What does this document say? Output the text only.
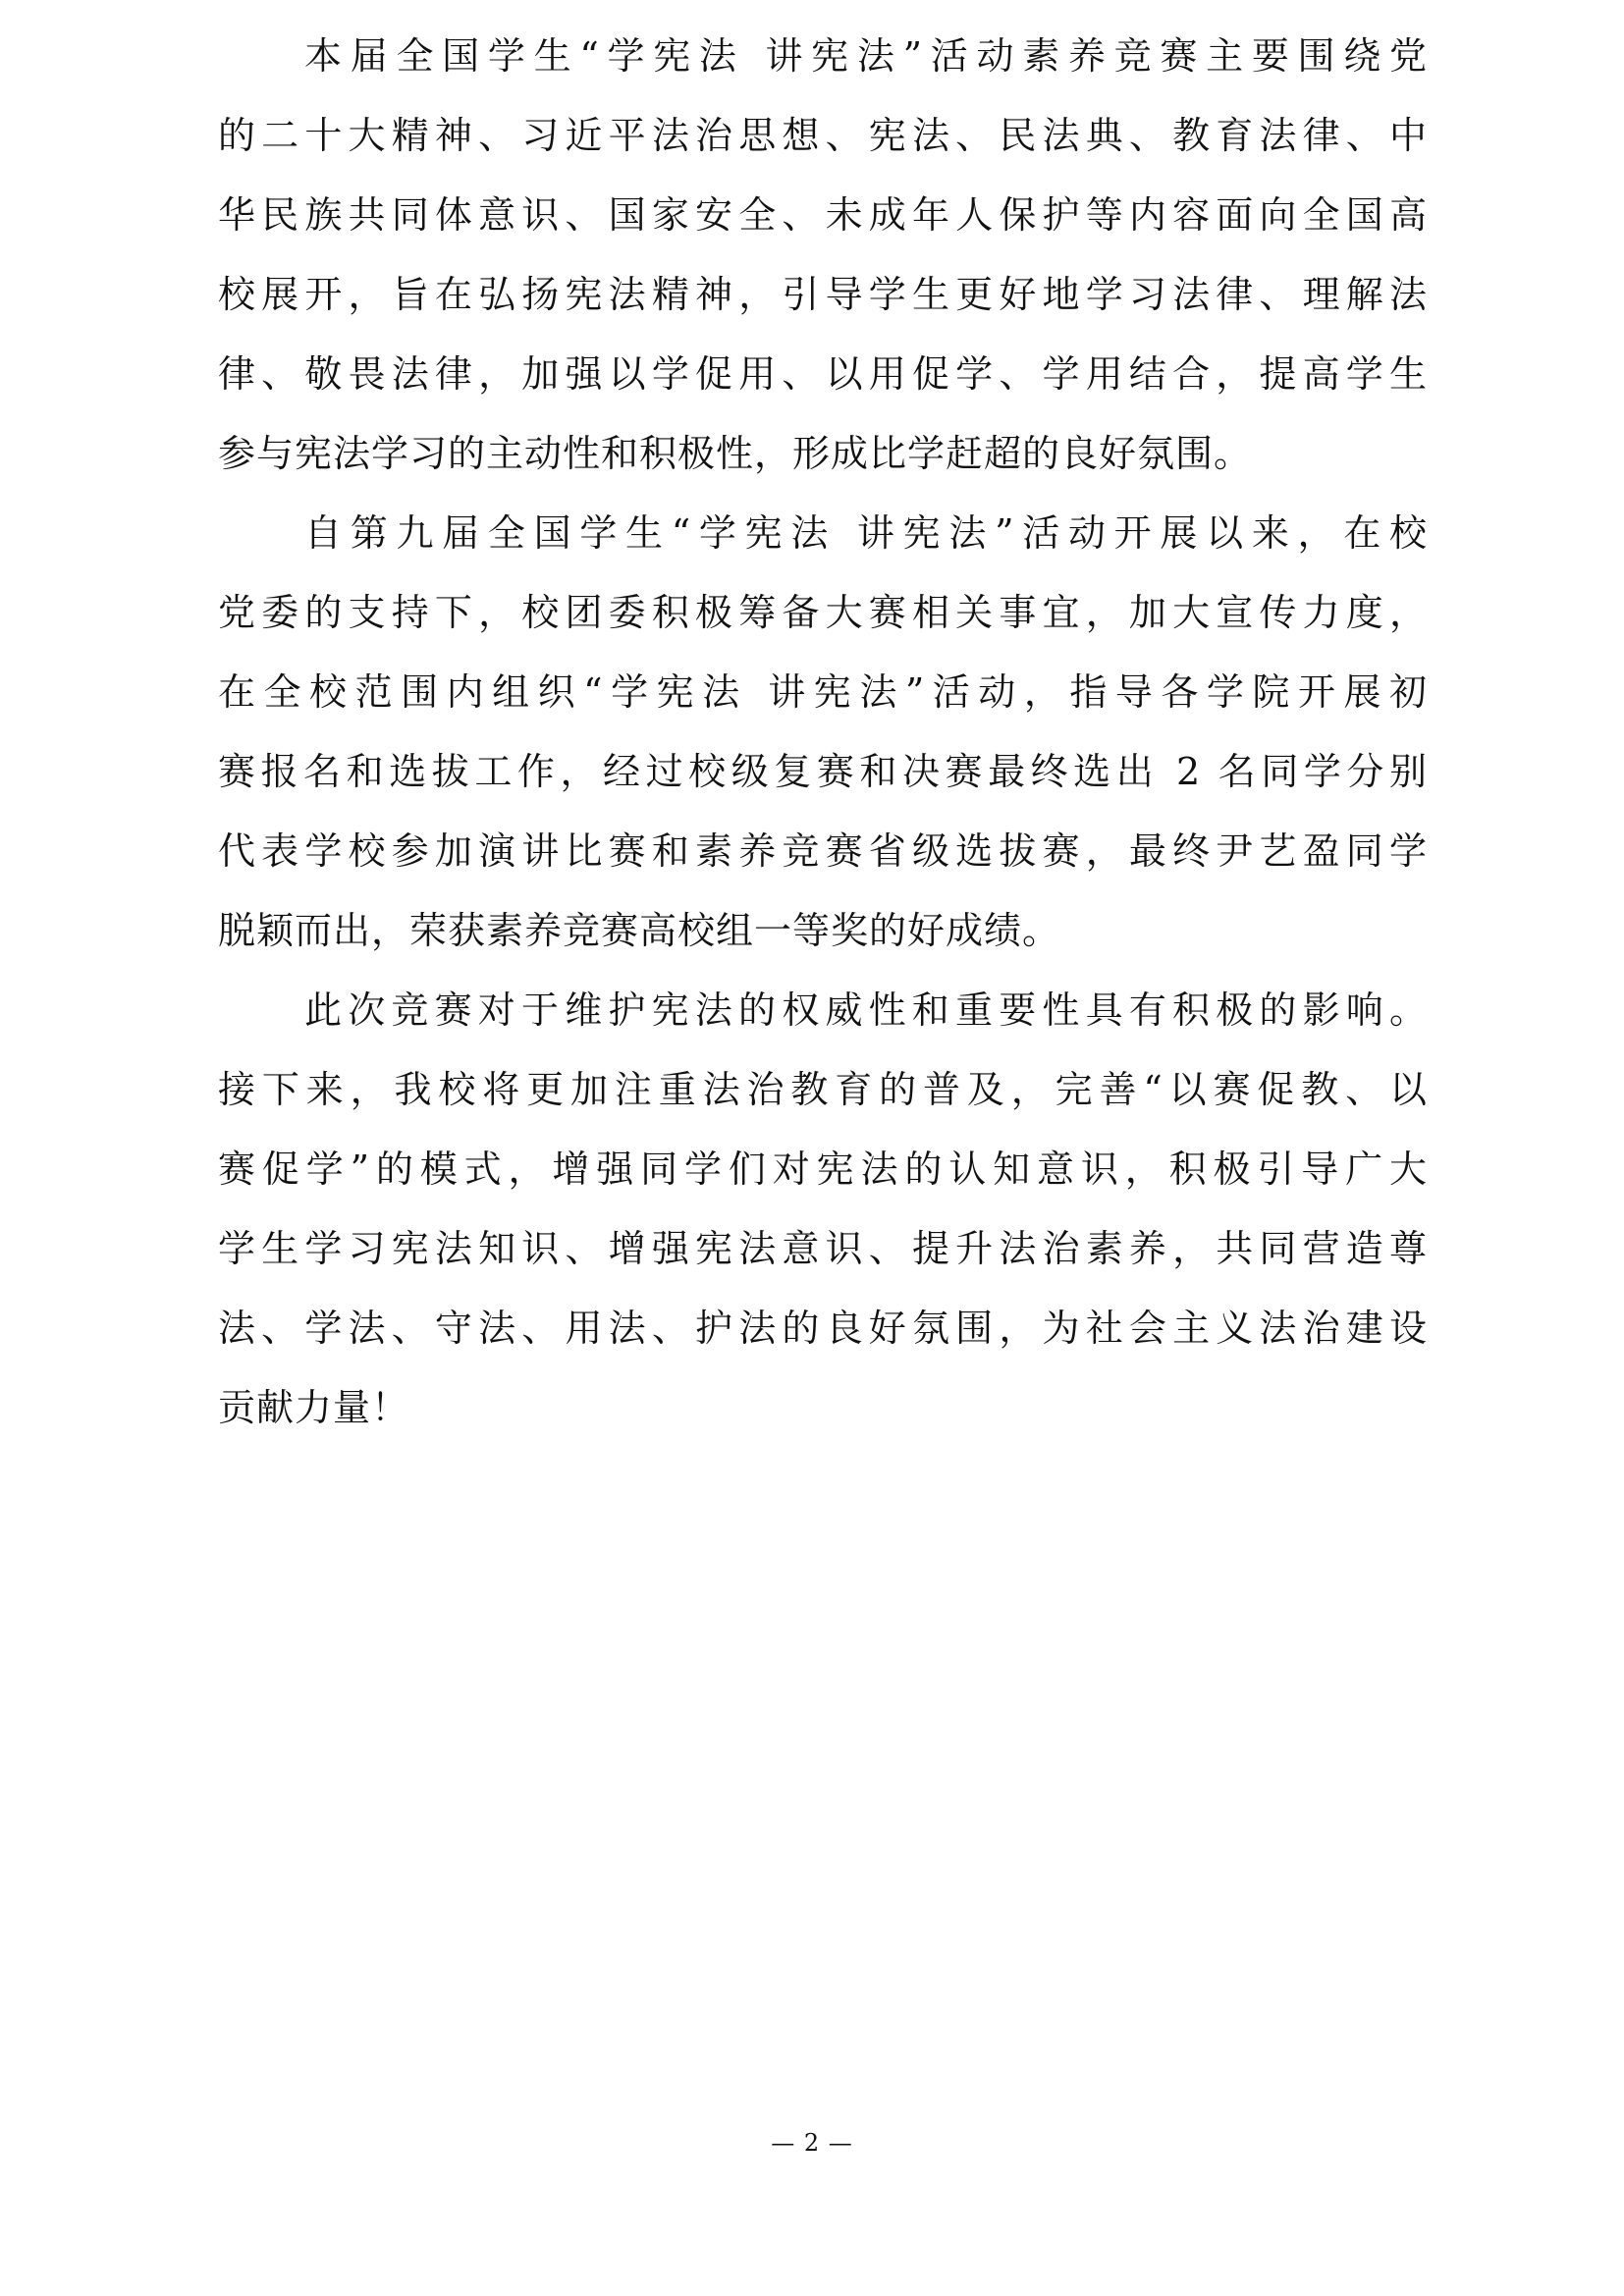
本届全国学生“学宪法 讲宪法”活动素养竞赛主要围绕党
的二十大精神、习近平法治思想、宪法、民法典、教育法律、中
华民族共同体意识、国家安全、未成年人保护等内容面向全国高
校展开，旨在弘扬宪法精神，引导学生更好地学习法律、理解法
律、敬畏法律，加强以学促用、以用促学、学用结合，提高学生
参与宪法学习的主动性和积极性，形成比学赶超的良好氛围。

自第九届全国学生“学宪法 讲宪法”活动开展以来，在校
党委的支持下，校团委积极筹备大赛相关事宜，加大宣传力度，
在全校范围内组织“学宪法 讲宪法”活动，指导各学院开展初
赛报名和选拔工作，经过校级复赛和决赛最终选出 2 名同学分别
代表学校参加演讲比赛和素养竞赛省级选拔赛，最终尹艺盈同学
脱颖而出，荣获素养竞赛高校组一等奖的好成绩。

此次竞赛对于维护宪法的权威性和重要性具有积极的影响。
接下来，我校将更加注重法治教育的普及，完善“以赛促教、以
赛促学”的模式，增强同学们对宪法的认知意识，积极引导广大
学生学习宪法知识、增强宪法意识、提升法治素养，共同营造尊
法、学法、守法、用法、护法的良好氛围，为社会主义法治建设
贡献力量！

— 2 —
